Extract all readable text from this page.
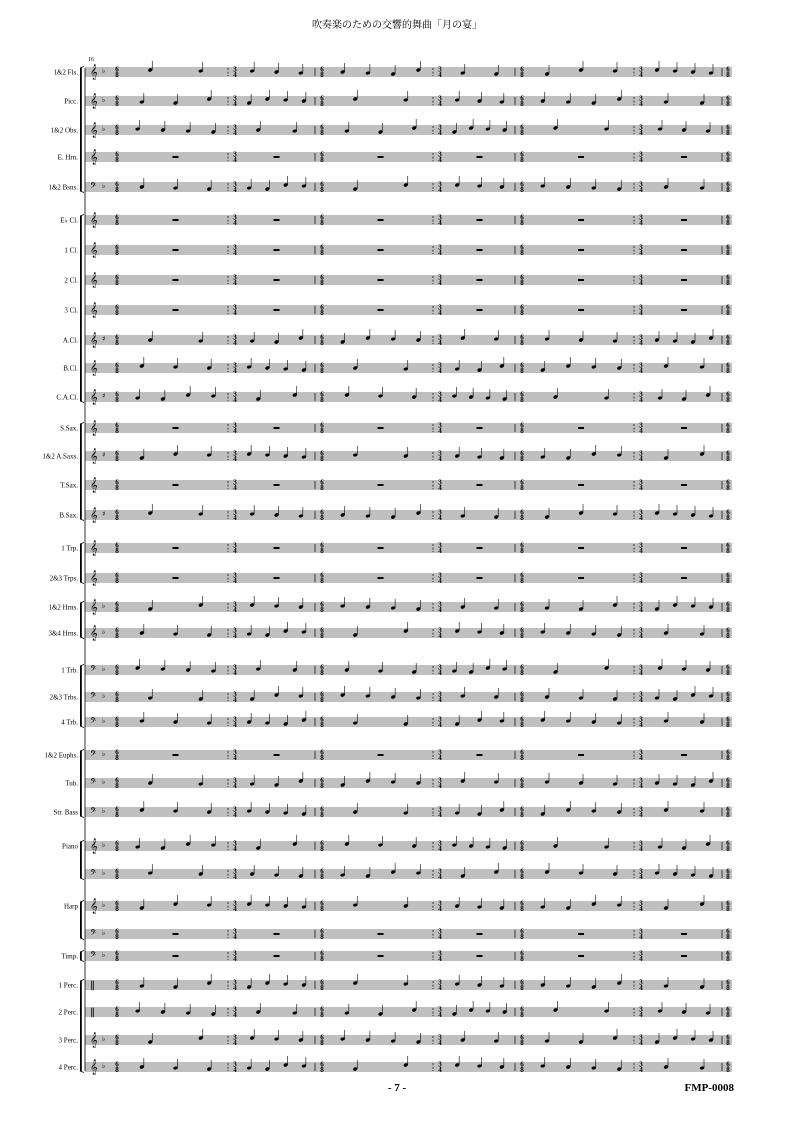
吹奏楽のための交響的舞曲「月の宴」
1&2 Fls. 𝄞 ♭ 6
8
3
4
6
8
3
4
6
8
3
4
6
8
Picc. 𝄞 ♭ 6
8
3
4
6
8
3
4
6
8
3
4
6
8
1&2 Obs. 𝄞 ♭ 6
8
3
4
6
8
3
4
6
8
3
4
6
8
E. Hrn. 𝄞	6
8
3
4
6
8
3
4
6
8
3
4
6
8
1&2 Bsns. 𝄢 ♭ 6
8
3
4
6
8
3
4
6
8
3
4
6
8
E♭ Cl. 𝄞	6
8
3
4
6
8
3
4
6
8
3
4
6
8
1 Cl. 𝄞	6
8
3
4
6
8
3
4
6
8
3
4
6
8
2 Cl. 𝄞	6
8
3
4
6
8
3
4
6
8
3
4
6
8
3 Cl. 𝄞	6
8
3
4
6
8
3
4
6
8
3
4
6
8
A.Cl. 𝄞 ♯ 6
8
3
4
6
8
3
4
6
8
3
4
6
8
B.Cl. 𝄞	6
8
3
4
6
8
3
4
6
8
3
4
6
8
C.A.Cl. 𝄞 ♯ 6
8
3
4
6
8
3
4
6
8
3
4
6
8
S.Sax. 𝄞	6
8
3
4
6
8
3
4
6
8
3
4
6
8
1&2 A.Saxs. 𝄞 ♯ 6
8
3
4
6
8
3
4
6
8
3
4
6
8
T.Sax. 𝄞	6
8
3
4
6
8
3
4
6
8
3
4
6
8
B.Sax. 𝄞 ♯ 6
8
3
4
6
8
3
4
6
8
3
4
6
8
1 Trp. 𝄞	6
8
3
4
6
8
3
4
6
8
3
4
6
8
2&3 Trps. 𝄞	6
8
3
4
6
8
3
4
6
8
3
4
6
8
1&2 Hrns. 𝄞 ♭ 6
8
3
4
6
8
3
4
6
8
3
4
6
8
3&4 Hrns. 𝄞 ♭ 6
8
3
4
6
8
3
4
6
8
3
4
6
8
1 Trb. 𝄢 ♭ 6
8
3
4
6
8
3
4
6
8
3
4
6
8
2&3 Trbs. 𝄢 ♭ 6
8
3
4
6
8
3
4
6
8
3
4
6
8
4 Trb. 𝄢 ♭ 6
8
3
4
6
8
3
4
6
8
3
4
6
8
1&2 Euphs. 𝄢 ♭ 6
8
3
4
6
8
3
4
6
8
3
4
6
8
Tub. 𝄢 ♭ 6
8
3
4
6
8
3
4
6
8
3
4
6
8
Str. Bass 𝄢 ♭ 6
8
3
4
6
8
3
4
6
8
3
4
6
8
Piano 𝄞 ♭ 6
8
3
4
6
8
3
4
6
8
3
4
6
8
𝄢 ♭ 6
8
3
4
6
8
3
4
6
8
3
4
6
8
Harp 𝄞 ♭ 6
8
3
4
6
8
3
4
6
8
3
4
6
8
𝄢 ♭ 6
8
3
4
6
8
3
4
6
8
3
4
6
8
Timp. 𝄢 ♭ 6
8
3
4
6
8
3
4
6
8
3
4
6
8
1 Perc. ‖	6
8
3
4
6
8
3
4
6
8
3
4
6
8
2 Perc. ‖	6
8
3
4
6
8
3
4
6
8
3
4
6
8
3 Perc. 𝄞 ♭ 6
8
3
4
6
8
3
4
6
8
3
4
6
8
4 Perc. 𝄞 ♭ 6
8
3
4
6
8
3
4
6
8
3
4
6
8
16
- 7 -	FMP-0008
